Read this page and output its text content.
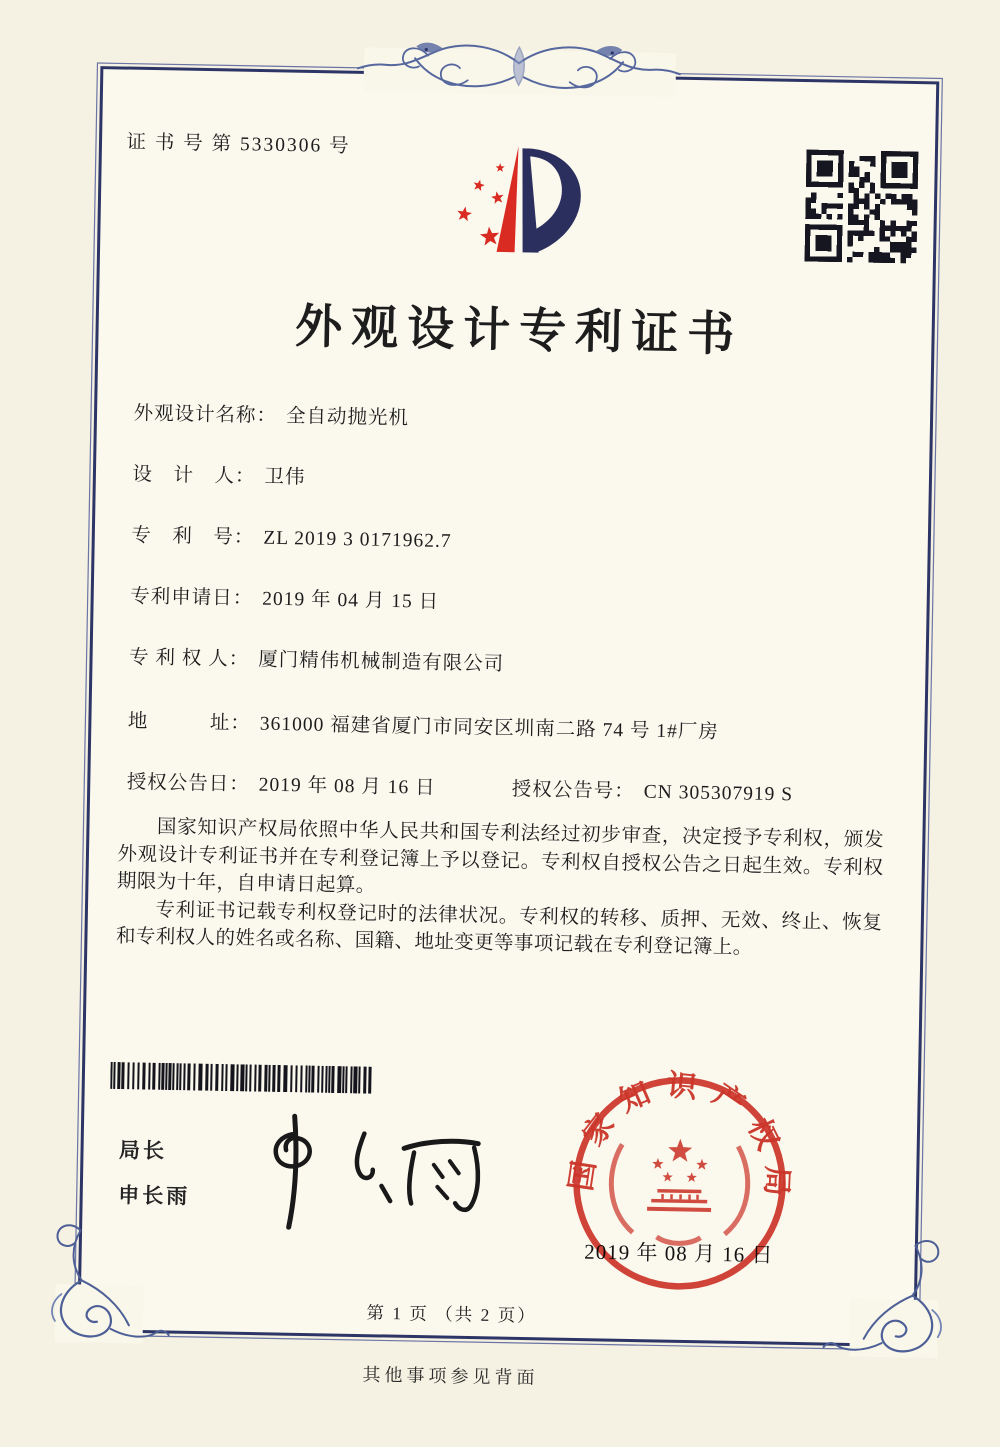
证 书 号 第 5330306 号
外观设计专利证书
外观设计名称： 全自动抛光机
设　计　人： 卫伟
专　利　号： ZL 2019 3 0171962.7
专利申请日： 2019 年 04 月 15 日
专 利 权 人： 厦门精伟机械制造有限公司
地　　　址： 361000 福建省厦门市同安区圳南二路 74 号 1#厂房
授权公告日： 2019 年 08 月 16 日	授权公告号： CN 305307919 S

国家知识产权局依照中华人民共和国专利法经过初步审查，决定授予专利权，颁发外观设计专利证书并在专利登记簿上予以登记。专利权自授权公告之日起生效。专利权期限为十年，自申请日起算。

专利证书记载专利权登记时的法律状况。专利权的转移、质押、无效、终止、恢复和专利权人的姓名或名称、国籍、地址变更等事项记载在专利登记簿上。

局长
申长雨
2019 年 08 月 16 日
国家知识产权局
第 1 页 （共 2 页）
其他事项参见背面
